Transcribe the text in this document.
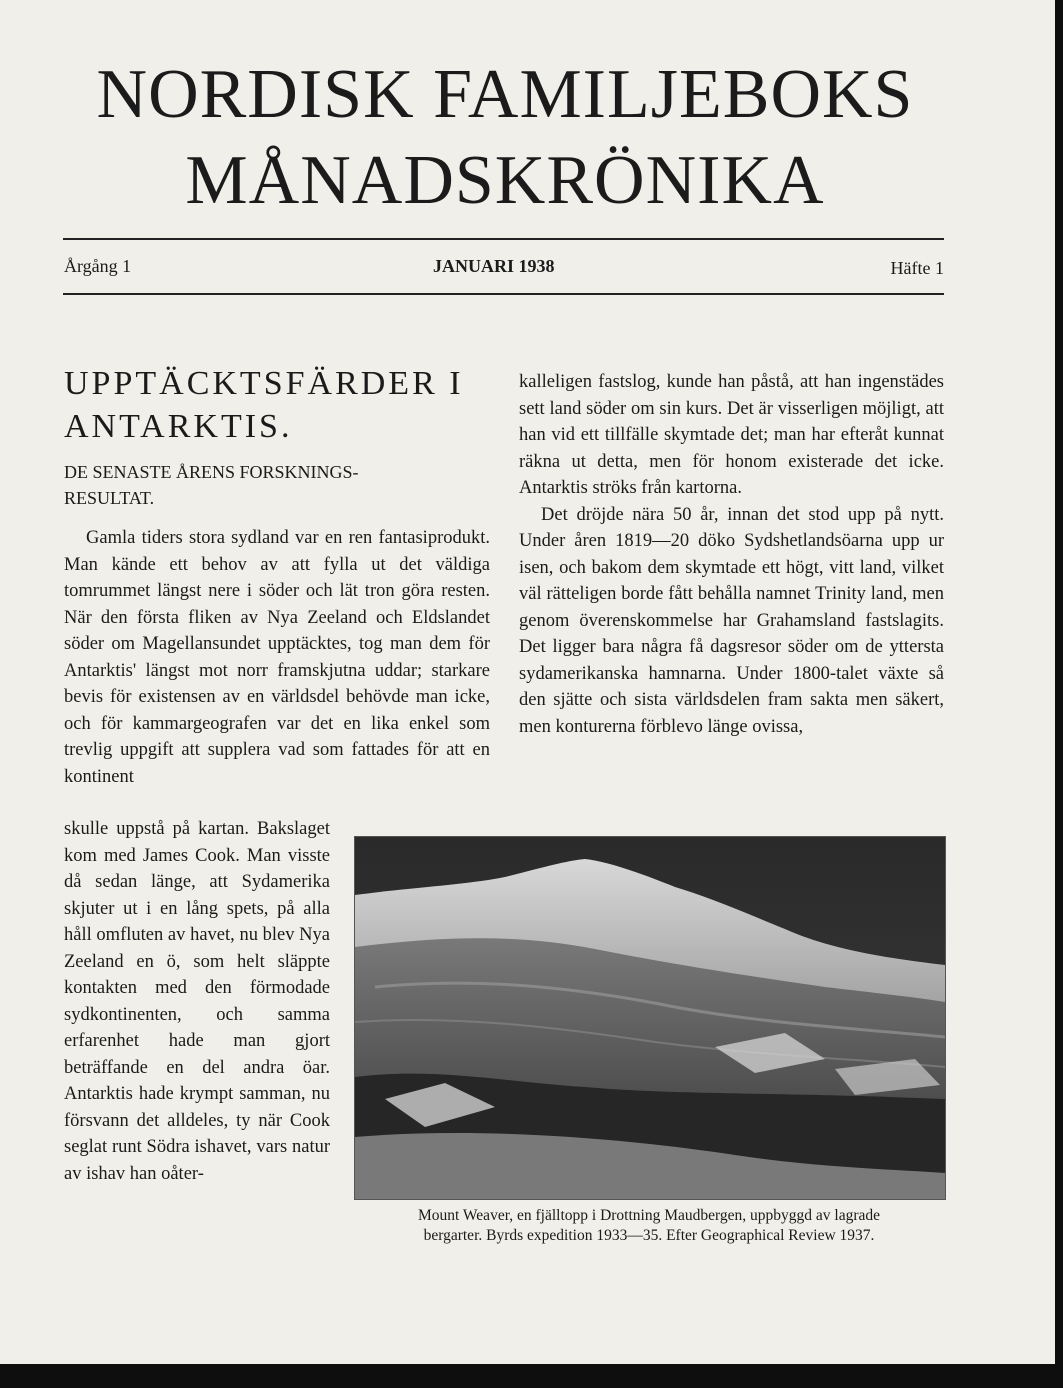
NORDISK FAMILJEBOKS
MÅNADSKRÖNIKA
Årgång 1	JANUARI 1938	Häfte 1
UPPTÄCKTSFÄRDER I
ANTARKTIS.
DE SENASTE ÅRENS FORSKNINGS-
RESULTAT.

Gamla tiders stora sydland var en ren fantasiprodukt. Man kände ett behov av att fylla ut det väldiga tomrummet längst nere i söder och lät tron göra resten. När den första fliken av Nya Zeeland och Eldslandet söder om Magellansundet upptäcktes, tog man dem för Antarktis' längst mot norr framskjutna uddar; starkare bevis för existensen av en världsdel behövde man icke, och för kammargeografen var det en lika enkel som trevlig uppgift att supplera vad som fattades för att en kontinent

skulle uppstå på kartan. Bakslaget kom med James Cook. Man visste då sedan länge, att Sydamerika skjuter ut i en lång spets, på alla håll omfluten av havet, nu blev Nya Zeeland en ö, som helt släppte kontakten med den förmodade sydkontinenten, och samma erfarenhet hade man gjort beträffande en del andra öar. Antarktis hade krympt samman, nu försvann det alldeles, ty när Cook seglat runt Södra ishavet, vars natur av ishav han oåter-

kalleligen fastslog, kunde han påstå, att han ingenstädes sett land söder om sin kurs. Det är visserligen möjligt, att han vid ett tillfälle skymtade det; man har efteråt kunnat räkna ut detta, men för honom existerade det icke. Antarktis ströks från kartorna.

Det dröjde nära 50 år, innan det stod upp på nytt. Under åren 1819—20 döko Sydshetlandsöarna upp ur isen, och bakom dem skymtade ett högt, vitt land, vilket väl rätteligen borde fått behålla namnet Trinity land, men genom överenskommelse har Grahamsland fastslagits. Det ligger bara några få dagsresor söder om de yttersta sydamerikanska hamnarna. Under 1800-talet växte så den sjätte och sista världsdelen fram sakta men säkert, men konturerna förblevo länge ovissa,

Mount Weaver, en fjälltopp i Drottning Maudbergen, uppbyggd av lagrade
bergarter. Byrds expedition 1933—35. Efter Geographical Review 1937.
